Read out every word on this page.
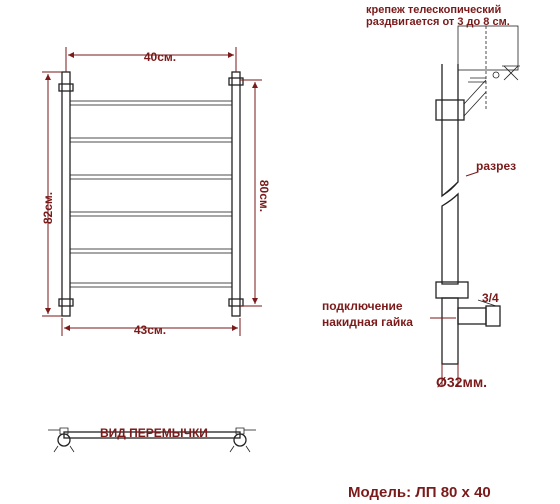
40см.
43см.
82см.	80см.
крепеж телескопический
раздвигается от 3 до 8 см.
разрез
подключение
накидная гайка
3/4
Ø32мм.
ВИД ПЕРЕМЫЧКИ
Модель: ЛП 80 х 40
